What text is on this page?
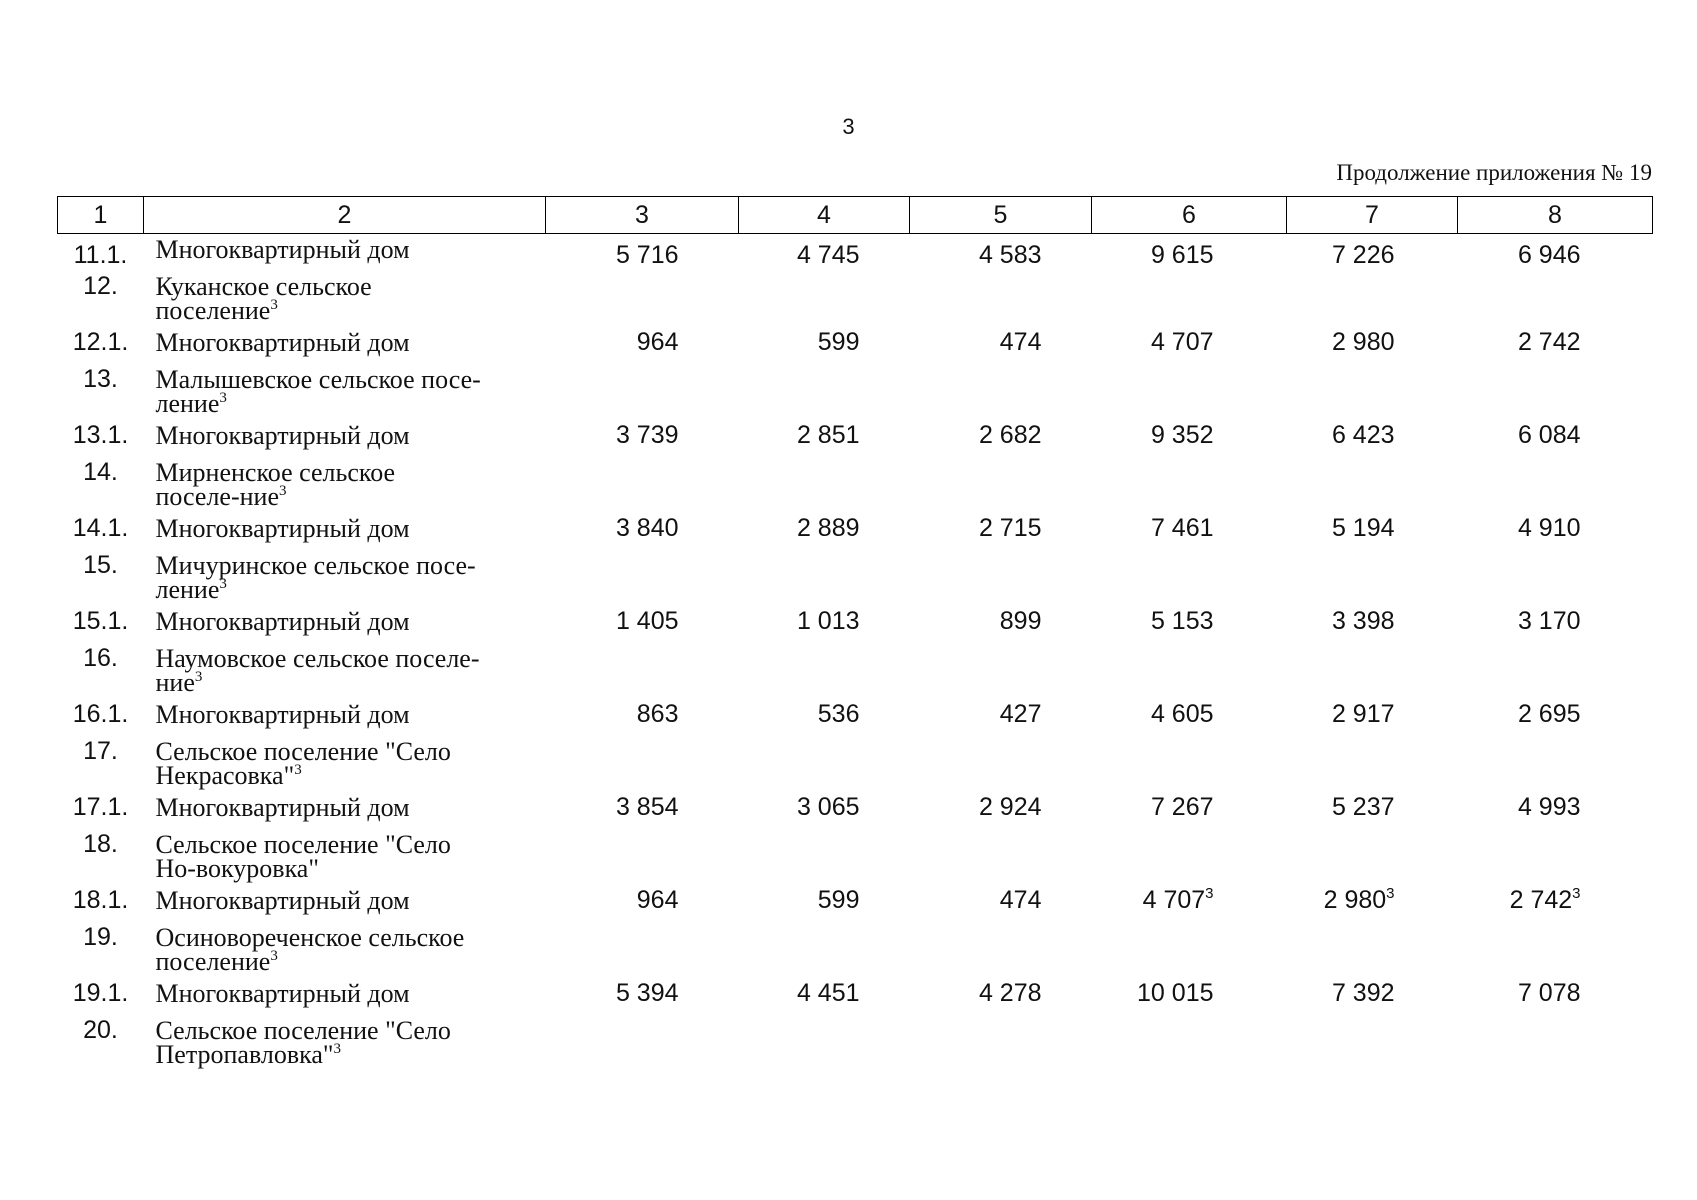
3
Продолжение приложения № 19
1	2	3	4	5	6	7	8
11.1.	Многоквартирный дом	5 716	4 745	4 583	9 615	7 226	6 946
12.	Куканское сельское поселение$^3$						
12.1.	Многоквартирный дом	964	599	474	4 707	2 980	2 742
13.	Малышевское сельское посе-ление$^3$						
13.1.	Многоквартирный дом	3 739	2 851	2 682	9 352	6 423	6 084
14.	Мирненское сельское поселе-ние$^3$						
14.1.	Многоквартирный дом	3 840	2 889	2 715	7 461	5 194	4 910
15.	Мичуринское сельское посе-ление$^3$						
15.1.	Многоквартирный дом	1 405	1 013	899	5 153	3 398	3 170
16.	Наумовское сельское поселе-ние$^3$						
16.1.	Многоквартирный дом	863	536	427	4 605	2 917	2 695
17.	Сельское поселение "Село Некрасовка"$^3$						
17.1.	Многоквартирный дом	3 854	3 065	2 924	7 267	5 237	4 993
18.	Сельское поселение "Село Но-вокуровка"						
18.1.	Многоквартирный дом	964	599	474	4 $707^3$	2 $980^3$	2 $742^3$
19.	Осиновореченское сельское поселение$^3$						
19.1.	Многоквартирный дом	5 394	4 451	4 278	10 015	7 392	7 078
20.	Сельское поселение "Село Петропавловка"$^3$						
